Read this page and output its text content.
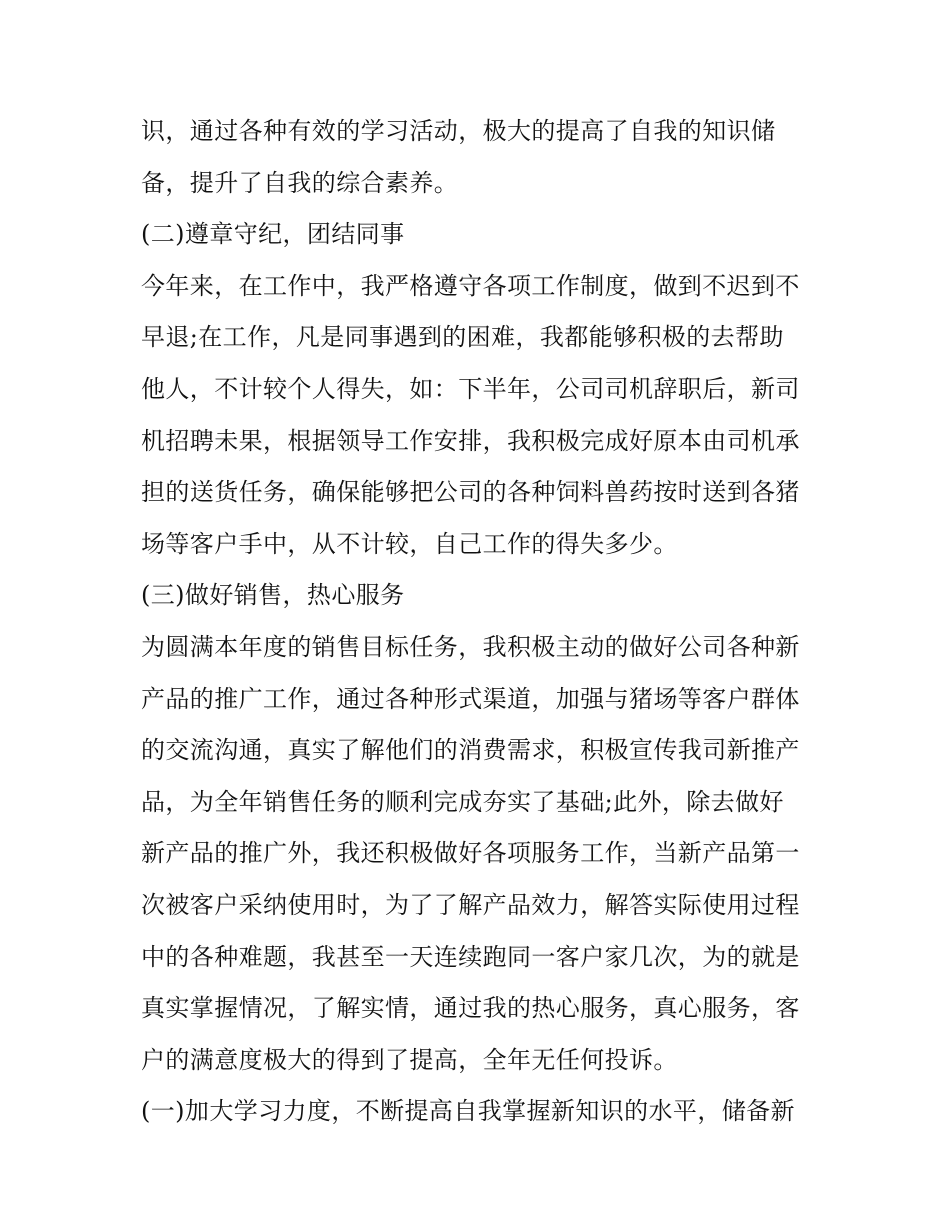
识，通过各种有效的学习活动，极大的提高了自我的知识储
备，提升了自我的综合素养。
(二)遵章守纪，团结同事
今年来，在工作中，我严格遵守各项工作制度，做到不迟到不
早退;在工作，凡是同事遇到的困难，我都能够积极的去帮助
他人，不计较个人得失，如：下半年，公司司机辞职后，新司
机招聘未果，根据领导工作安排，我积极完成好原本由司机承
担的送货任务，确保能够把公司的各种饲料兽药按时送到各猪
场等客户手中，从不计较，自己工作的得失多少。
(三)做好销售，热心服务
为圆满本年度的销售目标任务，我积极主动的做好公司各种新
产品的推广工作，通过各种形式渠道，加强与猪场等客户群体
的交流沟通，真实了解他们的消费需求，积极宣传我司新推产
品，为全年销售任务的顺利完成夯实了基础;此外，除去做好
新产品的推广外，我还积极做好各项服务工作，当新产品第一
次被客户采纳使用时，为了了解产品效力，解答实际使用过程
中的各种难题，我甚至一天连续跑同一客户家几次，为的就是
真实掌握情况，了解实情，通过我的热心服务，真心服务，客
户的满意度极大的得到了提高，全年无任何投诉。
(一)加大学习力度，不断提高自我掌握新知识的水平，储备新
